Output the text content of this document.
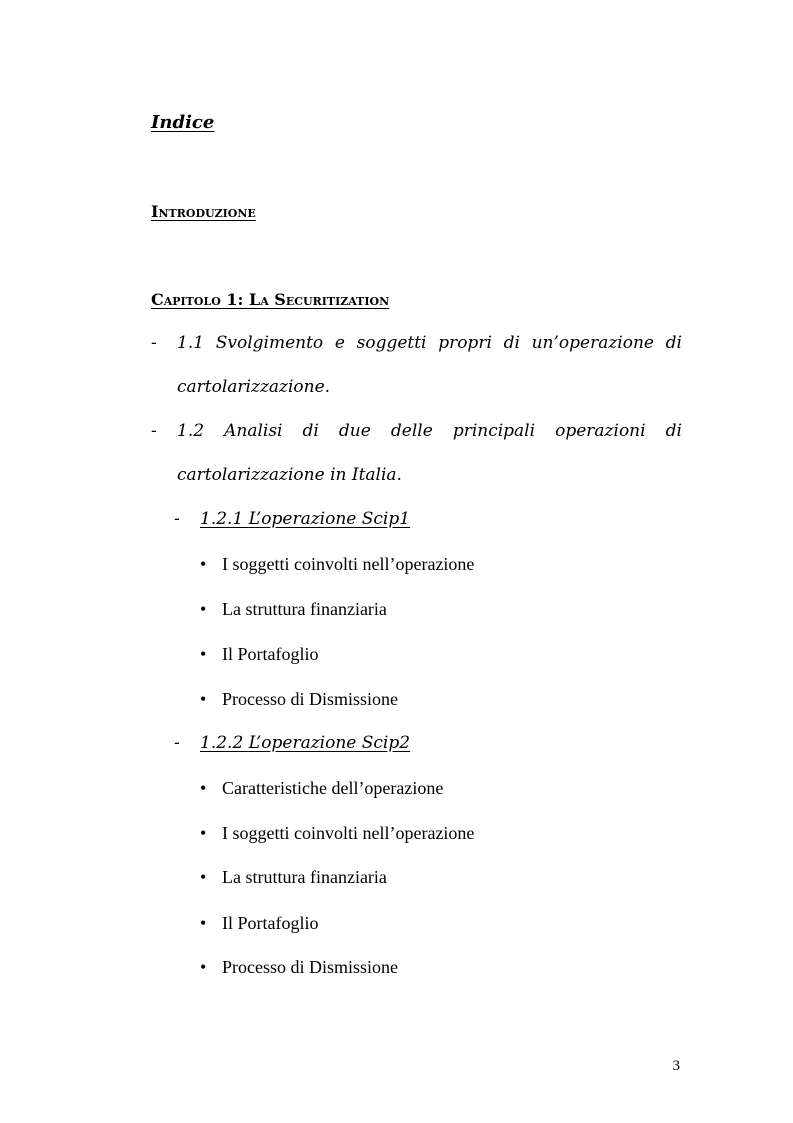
Indice
Introduzione
Capitolo 1: La Securitization
- 1.1 Svolgimento e soggetti propri di un’operazione di
cartolarizzazione.
- 1.2 Analisi di due delle principali operazioni di
cartolarizzazione in Italia.
- 1.2.1 L’operazione Scip1
• I soggetti coinvolti nell’operazione
• La struttura finanziaria
• Il Portafoglio
• Processo di Dismissione
- 1.2.2 L’operazione Scip2
• Caratteristiche dell’operazione
• I soggetti coinvolti nell’operazione
• La struttura finanziaria
• Il Portafoglio
• Processo di Dismissione
3
